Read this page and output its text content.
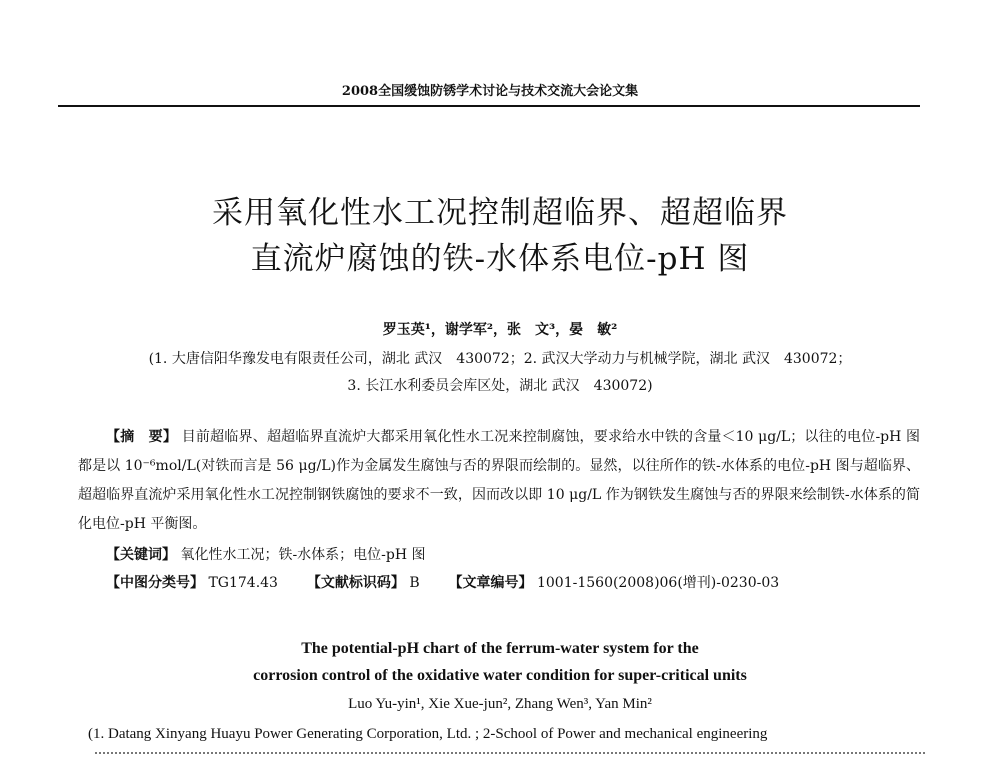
2008全国缓蚀防锈学术讨论与技术交流大会论文集
采用氧化性水工况控制超临界、超超临界
直流炉腐蚀的铁-水体系电位-pH 图
罗玉英¹，谢学军²，张　文³，晏　敏²
(1. 大唐信阳华豫发电有限责任公司，湖北 武汉　430072；2. 武汉大学动力与机械学院，湖北 武汉　430072；
3. 长江水利委员会库区处，湖北 武汉　430072)
【摘　要】 目前超临界、超超临界直流炉大都采用氧化性水工况来控制腐蚀，要求给水中铁的含量＜10 μg/L；以往的电位-pH 图都是以 10⁻⁶mol/L(对铁而言是 56 μg/L)作为金属发生腐蚀与否的界限而绘制的。显然，以往所作的铁-水体系的电位-pH 图与超临界、超超临界直流炉采用氧化性水工况控制钢铁腐蚀的要求不一致，因而改以即 10 μg/L 作为钢铁发生腐蚀与否的界限来绘制铁-水体系的简化电位-pH 平衡图。
【关键词】 氧化性水工况；铁-水体系；电位-pH 图
【中图分类号】 TG174.43 【文献标识码】 B 【文章编号】 1001-1560(2008)06(增刊)-0230-03
The potential-pH chart of the ferrum-water system for the
corrosion control of the oxidative water condition for super-critical units
Luo Yu-yin¹, Xie Xue-jun², Zhang Wen³, Yan Min²
(1. Datang Xinyang Huayu Power Generating Corporation, Ltd. ; 2-School of Power and mechanical engineering
